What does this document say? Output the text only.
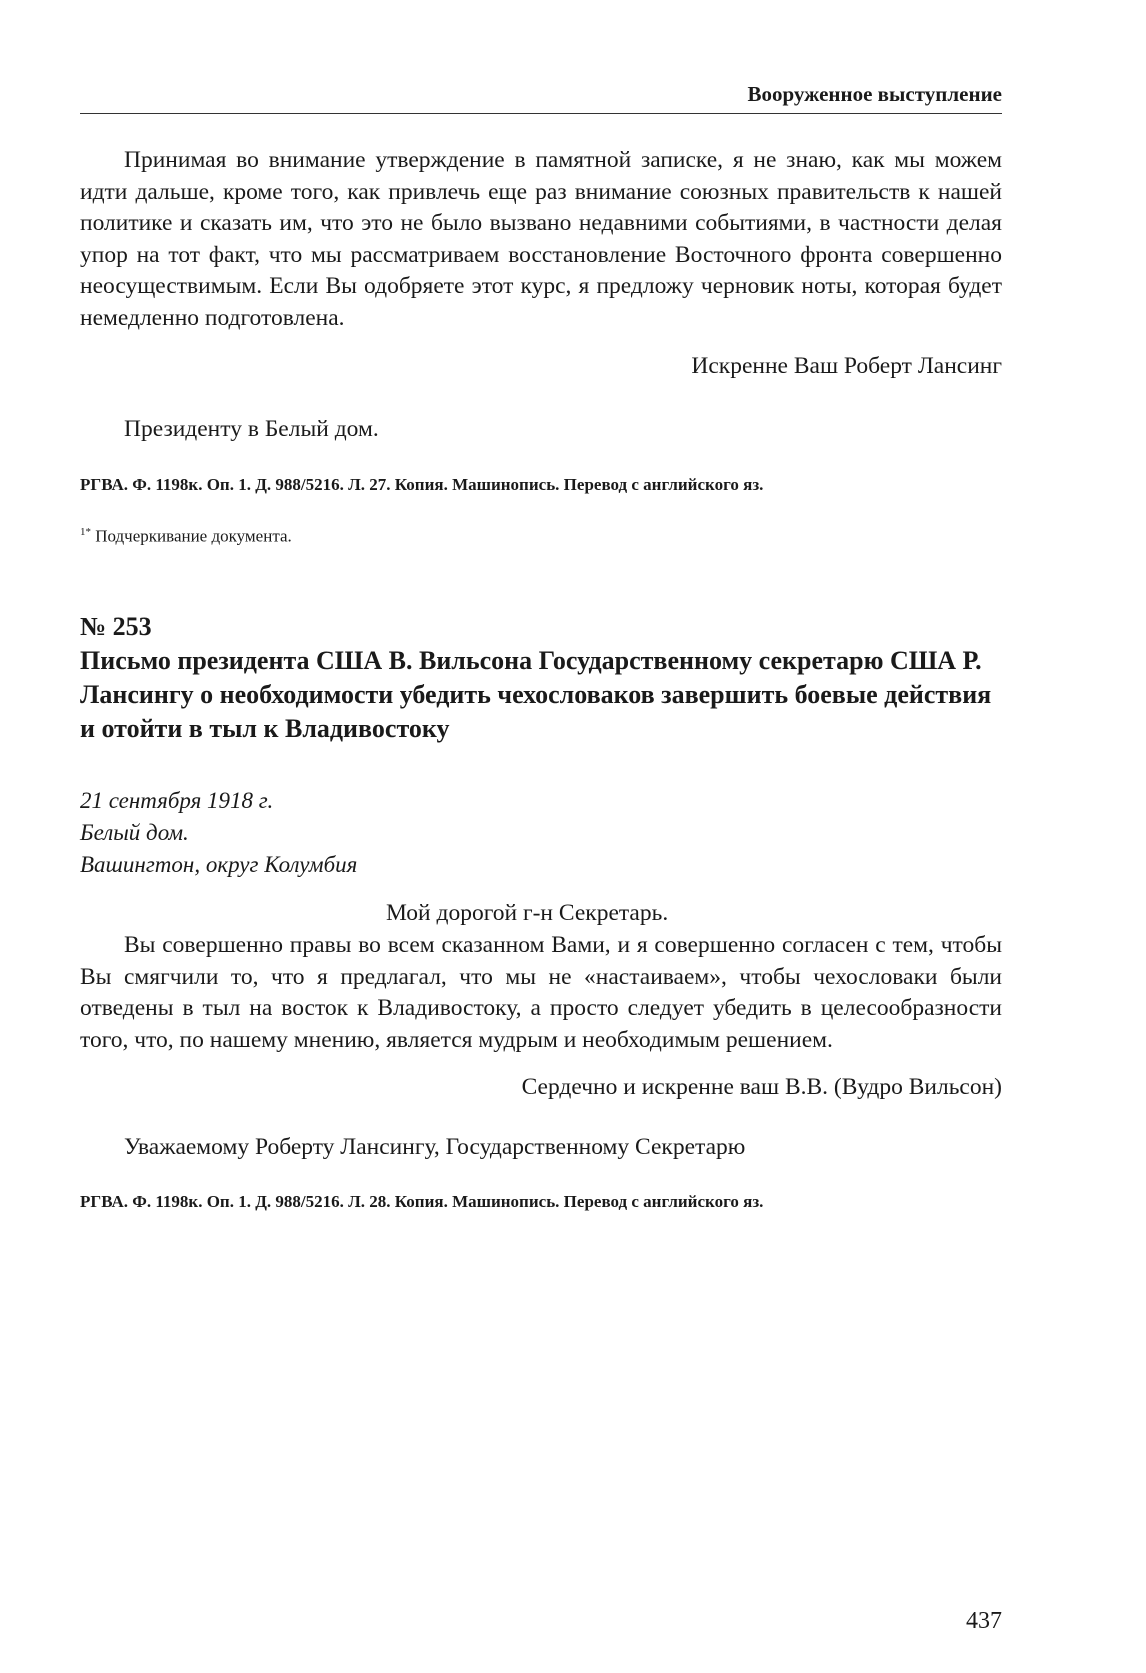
Вооруженное выступление
Принимая во внимание утверждение в памятной записке, я не знаю, как мы можем идти дальше, кроме того, как привлечь еще раз внимание союзных правительств к нашей политике и сказать им, что это не было вызвано недавними событиями, в частности делая упор на тот факт, что мы рассматриваем восстановление Восточного фронта совершенно неосуществимым. Если Вы одобряете этот курс, я предложу черновик ноты, которая будет немедленно подготовлена.
Искренне Ваш Роберт Лансинг
Президенту в Белый дом.
РГВА. Ф. 1198к. Оп. 1. Д. 988/5216. Л. 27. Копия. Машинопись. Перевод с английского яз.
$^{1*}$ Подчеркивание документа.
№ 253
Письмо президента США В. Вильсона Государственному секретарю США Р. Лансингу о необходимости убедить чехословаков завершить боевые действия и отойти в тыл к Владивостоку
21 сентября 1918 г.
Белый дом.
Вашингтон, округ Колумбия
Мой дорогой г-н Секретарь.
Вы совершенно правы во всем сказанном Вами, и я совершенно согласен с тем, чтобы Вы смягчили то, что я предлагал, что мы не «настаиваем», чтобы чехословаки были отведены в тыл на восток к Владивостоку, а просто следует убедить в целесообразности того, что, по нашему мнению, является мудрым и необходимым решением.
Сердечно и искренне ваш В.В. (Вудро Вильсон)
Уважаемому Роберту Лансингу, Государственному Секретарю
РГВА. Ф. 1198к. Оп. 1. Д. 988/5216. Л. 28. Копия. Машинопись. Перевод с английского яз.
437
